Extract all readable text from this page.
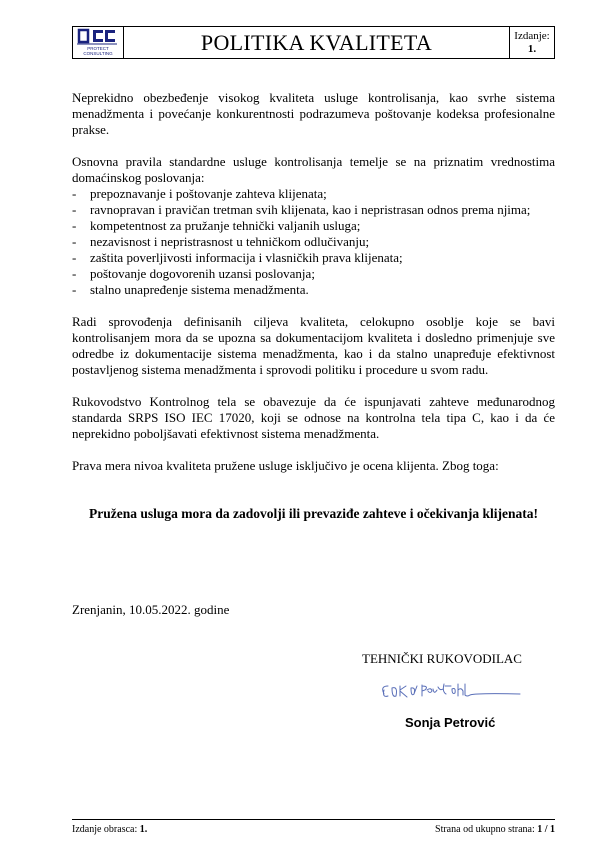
PROTECT CONSULTING	POLITIKA KVALITETA	Izdanje:
1.

Neprekidno obezbeđenje visokog kvaliteta usluge kontrolisanja, kao svrhe sistema menadžmenta i povećanje konkurentnosti podrazumeva poštovanje kodeksa profesionalne prakse.

Osnovna pravila standardne usluge kontrolisanja temelje se na priznatim vrednostima domaćinskog poslovanja:

- prepoznavanje i poštovanje zahteva klijenata;
- ravnopravan i pravičan tretman svih klijenata, kao i nepristrasan odnos prema njima;
- kompetentnost za pružanje tehnički valjanih usluga;
- nezavisnost i nepristrasnost u tehničkom odlučivanju;
- zaštita poverljivosti informacija i vlasničkih prava klijenata;
- poštovanje dogovorenih uzansi poslovanja;
- stalno unapređenje sistema menadžmenta.

Radi sprovođenja definisanih ciljeva kvaliteta, celokupno osoblje koje se bavi kontrolisanjem mora da se upozna sa dokumentacijom kvaliteta i dosledno primenjuje sve odredbe iz dokumentacije sistema menadžmenta, kao i da stalno unapređuje efektivnost postavljenog sistema menadžmenta i sprovodi politiku i procedure u svom radu.

Rukovodstvo Kontrolnog tela se obavezuje da će ispunjavati zahteve međunarodnog standarda SRPS ISO IEC 17020, koji se odnose na kontrolna tela tipa C, kao i da će neprekidno poboljšavati efektivnost sistema menadžmenta.

Prava mera nivoa kvaliteta pružene usluge isključivo je ocena klijenta. Zbog toga:

Pružena usluga mora da zadovolji ili prevaziđe zahteve i očekivanja klijenata!

Zrenjanin, 10.05.2022. godine
TEHNIČKI RUKOVODILAC
Sonja Petrović
Izdanje obrasca: 1.	Strana od ukupno strana: 1 / 1
